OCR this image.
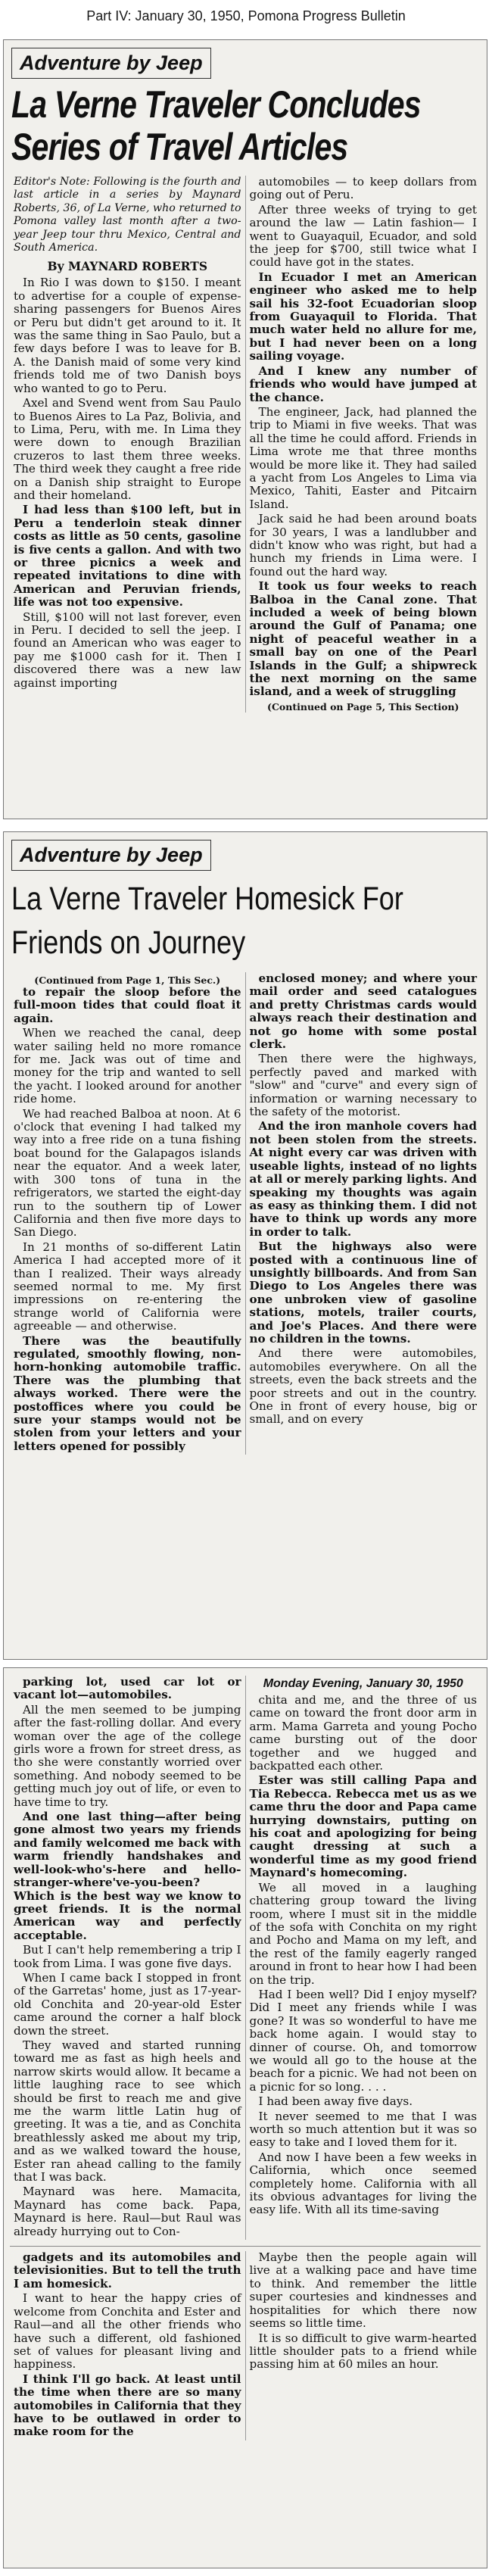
Part IV: January 30, 1950, Pomona Progress Bulletin
Adventure by Jeep
La Verne Traveler Concludes Series of Travel Articles
Editor's Note: Following is the fourth and last article in a series by Maynard Roberts, 36, of La Verne, who returned to Pomona valley last month after a two-year Jeep tour thru Mexico, Central and South America.
By MAYNARD ROBERTS
In Rio I was down to $150. I meant to advertise for a couple of expense-sharing passengers for Buenos Aires or Peru but didn't get around to it. It was the same thing in Sao Paulo, but a few days before I was to leave for B. A. the Danish maid of some very kind friends told me of two Danish boys who wanted to go to Peru.
Axel and Svend went from Sau Paulo to Buenos Aires to La Paz, Bolivia, and to Lima, Peru, with me. In Lima they were down to enough Brazilian cruzeros to last them three weeks. The third week they caught a free ride on a Danish ship straight to Europe and their homeland.
I had less than $100 left, but in Peru a tenderloin steak dinner costs as little as 50 cents, gasoline is five cents a gallon. And with two or three picnics a week and repeated invitations to dine with American and Peruvian friends, life was not too expensive.
Still, $100 will not last forever, even in Peru. I decided to sell the jeep. I found an American who was eager to pay me $1000 cash for it. Then I discovered there was a new law against importing
automobiles — to keep dollars from going out of Peru.
After three weeks of trying to get around the law — Latin fashion— I went to Guayaquil, Ecuador, and sold the jeep for $700, still twice what I could have got in the states.
In Ecuador I met an American engineer who asked me to help sail his 32-foot Ecuadorian sloop from Guayaquil to Florida. That much water held no allure for me, but I had never been on a long sailing voyage.
And I knew any number of friends who would have jumped at the chance.
The engineer, Jack, had planned the trip to Miami in five weeks. That was all the time he could afford. Friends in Lima wrote me that three months would be more like it. They had sailed a yacht from Los Angeles to Lima via Mexico, Tahiti, Easter and Pitcairn Island.
Jack said he had been around boats for 30 years, I was a landlubber and didn't know who was right, but had a hunch my friends in Lima were. I found out the hard way.
It took us four weeks to reach Balboa in the Canal zone. That included a week of being blown around the Gulf of Panama; one night of peaceful weather in a small bay on one of the Pearl Islands in the Gulf; a shipwreck the next morning on the same island, and a week of struggling
(Continued on Page 5, This Section)
Adventure by Jeep
La Verne Traveler Homesick For Friends on Journey
(Continued from Page 1, This Sec.)
to repair the sloop before the full-moon tides that could float it again.
When we reached the canal, deep water sailing held no more romance for me. Jack was out of time and money for the trip and wanted to sell the yacht. I looked around for another ride home.
We had reached Balboa at noon. At 6 o'clock that evening I had talked my way into a free ride on a tuna fishing boat bound for the Galapagos islands near the equator. And a week later, with 300 tons of tuna in the refrigerators, we started the eight-day run to the southern tip of Lower California and then five more days to San Diego.
In 21 months of so-different Latin America I had accepted more of it than I realized. Their ways already seemed normal to me. My first impressions on re-entering the strange world of California were agreeable — and otherwise.
There was the beautifully regulated, smoothly flowing, non-horn-honking automobile traffic. There was the plumbing that always worked. There were the postoffices where you could be sure your stamps would not be stolen from your letters and your letters opened for possibly
enclosed money; and where your mail order and seed catalogues and pretty Christmas cards would always reach their destination and not go home with some postal clerk.
Then there were the highways, perfectly paved and marked with "slow" and "curve" and every sign of information or warning necessary to the safety of the motorist.
And the iron manhole covers had not been stolen from the streets. At night every car was driven with useable lights, instead of no lights at all or merely parking lights. And speaking my thoughts was again as easy as thinking them. I did not have to think up words any more in order to talk.
But the highways also were posted with a continuous line of unsightly billboards. And from San Diego to Los Angeles there was one unbroken view of gasoline stations, motels, trailer courts, and Joe's Places. And there were no children in the towns.
And there were automobiles, automobiles everywhere. On all the streets, even the back streets and the poor streets and out in the country. One in front of every house, big or small, and on every
parking lot, used car lot or vacant lot—automobiles.
All the men seemed to be jumping after the fast-rolling dollar. And every woman over the age of the college girls wore a frown for street dress, as tho she were constantly worried over something. And nobody seemed to be getting much joy out of life, or even to have time to try.
And one last thing—after being gone almost two years my friends and family welcomed me back with warm friendly handshakes and well-look-who's-here and hello-stranger-where've-you-been? Which is the best way we know to greet friends. It is the normal American way and perfectly acceptable.
But I can't help remembering a trip I took from Lima. I was gone five days.
When I came back I stopped in front of the Garretas' home, just as 17-year-old Conchita and 20-year-old Ester came around the corner a half block down the street.
They waved and started running toward me as fast as high heels and narrow skirts would allow. It became a little laughing race to see which should be first to reach me and give me the warm little Latin hug of greeting. It was a tie, and as Conchita breathlessly asked me about my trip, and as we walked toward the house, Ester ran ahead calling to the family that I was back.
Maynard was here. Mamacita, Maynard has come back. Papa, Maynard is here. Raul—but Raul was already hurrying out to Con-
Monday Evening, January 30, 1950
chita and me, and the three of us came on toward the front door arm in arm. Mama Garreta and young Pocho came bursting out of the door together and we hugged and backpatted each other.
Ester was still calling Papa and Tia Rebecca. Rebecca met us as we came thru the door and Papa came hurrying downstairs, putting on his coat and apologizing for being caught dressing at such a wonderful time as my good friend Maynard's homecoming.
We all moved in a laughing chattering group toward the living room, where I must sit in the middle of the sofa with Conchita on my right and Pocho and Mama on my left, and the rest of the family eagerly ranged around in front to hear how I had been on the trip.
Had I been well? Did I enjoy myself? Did I meet any friends while I was gone? It was so wonderful to have me back home again. I would stay to dinner of course. Oh, and tomorrow we would all go to the house at the beach for a picnic. We had not been on a picnic for so long. . . .
I had been away five days.
It never seemed to me that I was worth so much attention but it was so easy to take and I loved them for it.
And now I have been a few weeks in California, which once seemed completely home. California with all its obvious advantages for living the easy life. With all its time-saving
gadgets and its automobiles and televisionities. But to tell the truth I am homesick.
I want to hear the happy cries of welcome from Conchita and Ester and Raul—and all the other friends who have such a different, old fashioned set of values for pleasant living and happiness.
I think I'll go back. At least until the time when there are so many automobiles in California that they have to be outlawed in order to make room for the
Maybe then the people again will live at a walking pace and have time to think. And remember the little super courtesies and kindnesses and hospitalities for which there now seems so little time.
It is so difficult to give warm-hearted little shoulder pats to a friend while passing him at 60 miles an hour.
